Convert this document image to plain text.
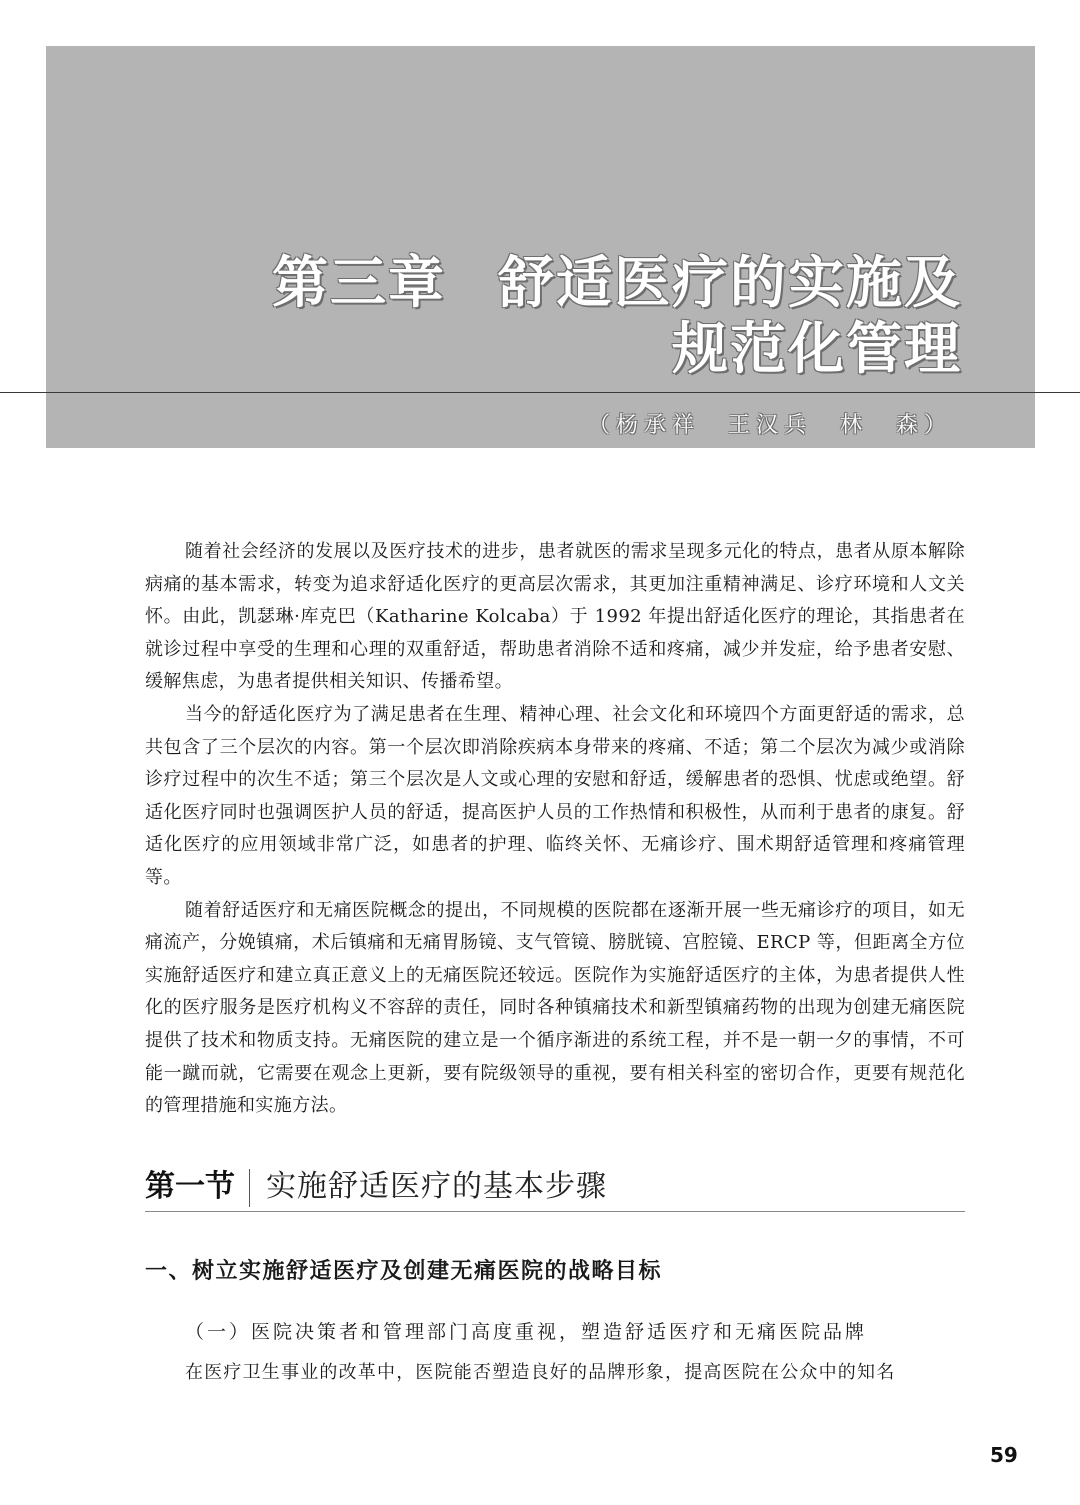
第三章 舒适医疗的实施及
规范化管理
（杨承祥　王汉兵　林　森）

随着社会经济的发展以及医疗技术的进步，患者就医的需求呈现多元化的特点，患者从原本解除病痛的基本需求，转变为追求舒适化医疗的更高层次需求，其更加注重精神满足、诊疗环境和人文关怀。由此，凯瑟琳·库克巴（Katharine Kolcaba）于 1992 年提出舒适化医疗的理论，其指患者在就诊过程中享受的生理和心理的双重舒适，帮助患者消除不适和疼痛，减少并发症，给予患者安慰、缓解焦虑，为患者提供相关知识、传播希望。

当今的舒适化医疗为了满足患者在生理、精神心理、社会文化和环境四个方面更舒适的需求，总共包含了三个层次的内容。第一个层次即消除疾病本身带来的疼痛、不适；第二个层次为减少或消除诊疗过程中的次生不适；第三个层次是人文或心理的安慰和舒适，缓解患者的恐惧、忧虑或绝望。舒适化医疗同时也强调医护人员的舒适，提高医护人员的工作热情和积极性，从而利于患者的康复。舒适化医疗的应用领域非常广泛，如患者的护理、临终关怀、无痛诊疗、围术期舒适管理和疼痛管理等。

随着舒适医疗和无痛医院概念的提出，不同规模的医院都在逐渐开展一些无痛诊疗的项目，如无痛流产，分娩镇痛，术后镇痛和无痛胃肠镜、支气管镜、膀胱镜、宫腔镜、ERCP 等，但距离全方位实施舒适医疗和建立真正意义上的无痛医院还较远。医院作为实施舒适医疗的主体，为患者提供人性化的医疗服务是医疗机构义不容辞的责任，同时各种镇痛技术和新型镇痛药物的出现为创建无痛医院提供了技术和物质支持。无痛医院的建立是一个循序渐进的系统工程，并不是一朝一夕的事情，不可能一蹴而就，它需要在观念上更新，要有院级领导的重视，要有相关科室的密切合作，更要有规范化的管理措施和实施方法。

第一节 实施舒适医疗的基本步骤
一、树立实施舒适医疗及创建无痛医院的战略目标
（一）医院决策者和管理部门高度重视，塑造舒适医疗和无痛医院品牌
在医疗卫生事业的改革中，医院能否塑造良好的品牌形象，提高医院在公众中的知名
59
